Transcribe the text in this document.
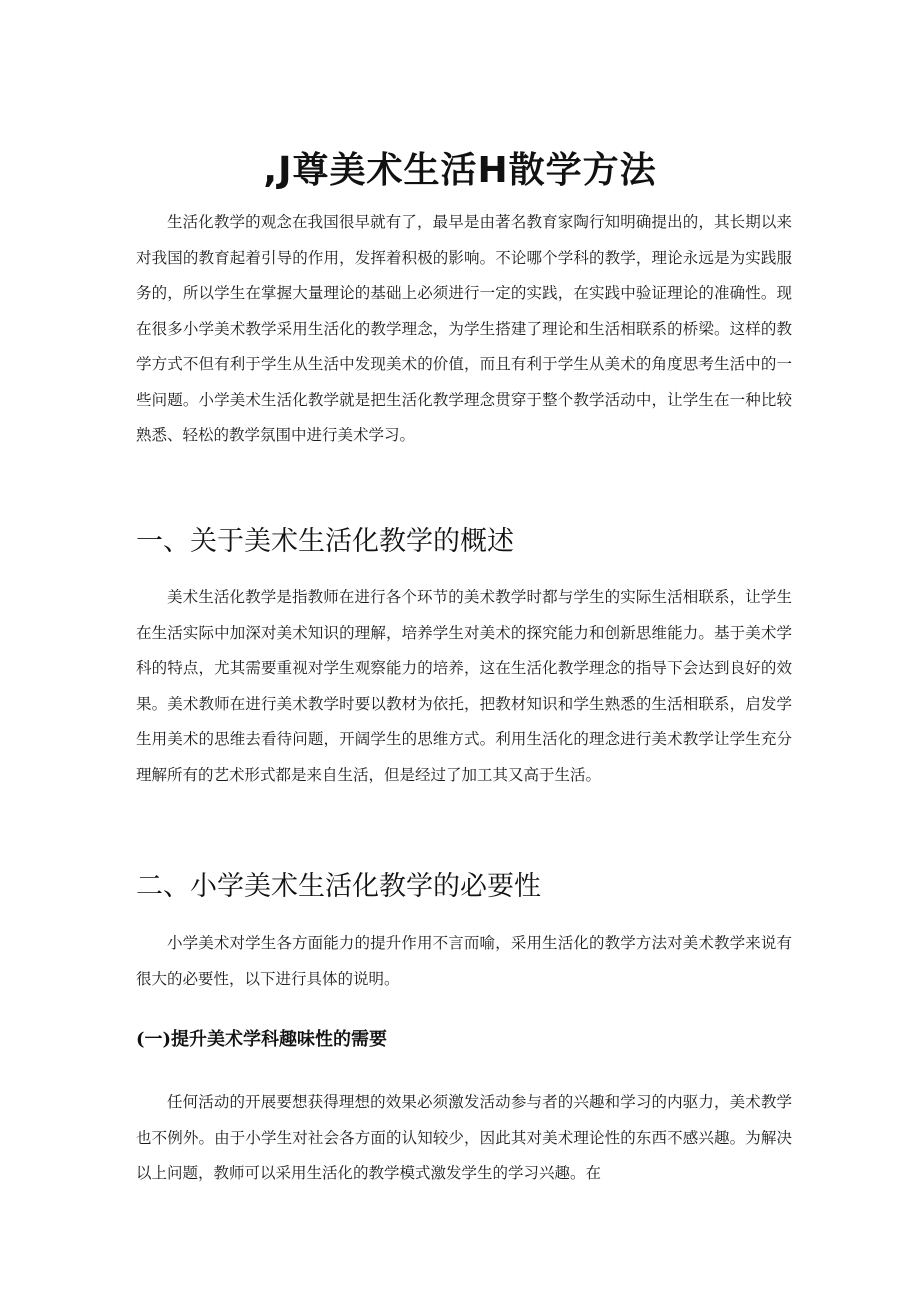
,J尊美术生活H散学方法

生活化教学的观念在我国很早就有了，最早是由著名教育家陶行知明确提出的，其长期以来对我国的教育起着引导的作用，发挥着积极的影响。不论哪个学科的教学，理论永远是为实践服务的，所以学生在掌握大量理论的基础上必须进行一定的实践，在实践中验证理论的准确性。现在很多小学美术教学采用生活化的教学理念，为学生搭建了理论和生活相联系的桥梁。这样的教学方式不但有利于学生从生活中发现美术的价值，而且有利于学生从美术的角度思考生活中的一些问题。小学美术生活化教学就是把生活化教学理念贯穿于整个教学活动中，让学生在一种比较熟悉、轻松的教学氛围中进行美术学习。

一、关于美术生活化教学的概述

美术生活化教学是指教师在进行各个环节的美术教学时都与学生的实际生活相联系，让学生在生活实际中加深对美术知识的理解，培养学生对美术的探究能力和创新思维能力。基于美术学科的特点，尤其需要重视对学生观察能力的培养，这在生活化教学理念的指导下会达到良好的效果。美术教师在进行美术教学时要以教材为依托，把教材知识和学生熟悉的生活相联系，启发学生用美术的思维去看待问题，开阔学生的思维方式。利用生活化的理念进行美术教学让学生充分理解所有的艺术形式都是来自生活，但是经过了加工其又高于生活。

二、小学美术生活化教学的必要性

小学美术对学生各方面能力的提升作用不言而喻，采用生活化的教学方法对美术教学来说有很大的必要性，以下进行具体的说明。

(一)提升美术学科趣味性的需要

任何活动的开展要想获得理想的效果必须激发活动参与者的兴趣和学习的内驱力，美术教学也不例外。由于小学生对社会各方面的认知较少，因此其对美术理论性的东西不感兴趣。为解决以上问题，教师可以采用生活化的教学模式激发学生的学习兴趣。在
